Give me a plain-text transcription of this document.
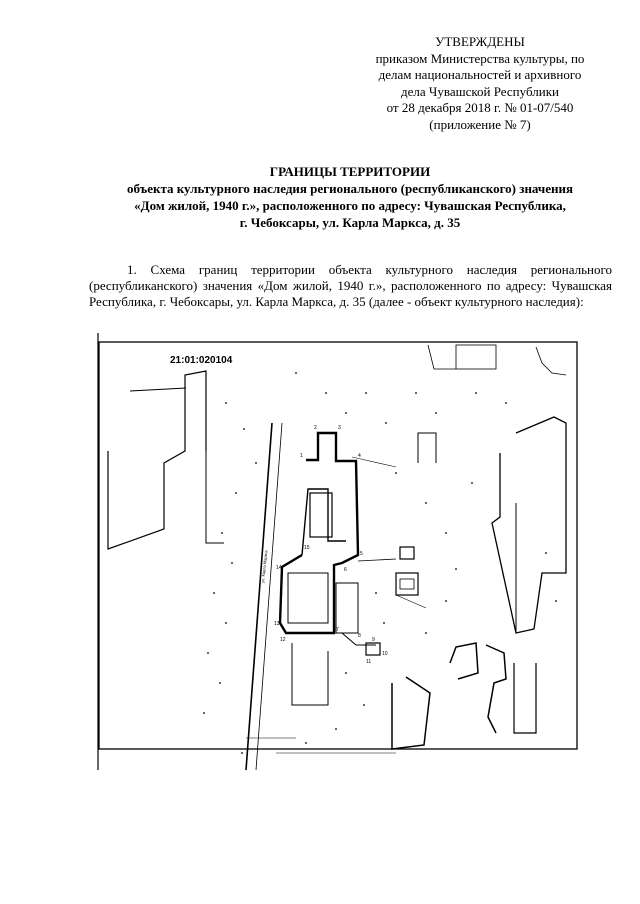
УТВЕРЖДЕНЫ
приказом Министерства культуры, по
делам национальностей и архивного
дела Чувашской Республики
от 28 декабря 2018 г. № 01-07/540
(приложение № 7)
ГРАНИЦЫ ТЕРРИТОРИИ
объекта культурного наследия регионального (республиканского) значения
«Дом жилой, 1940 г.», расположенного по адресу: Чувашская Республика,
г. Чебоксары, ул. Карла Маркса, д. 35

1. Схема границ территории объекта культурного наследия регионального (республиканского) значения «Дом жилой, 1940 г.», расположенного по адресу: Чувашская Республика, г. Чебоксары, ул. Карла Маркса, д. 35 (далее - объект культурного наследия):

21:01:020104
ул. Карла Маркса
1
2	3
4
5
6
7
8
9
10
11
12
13
14
15
